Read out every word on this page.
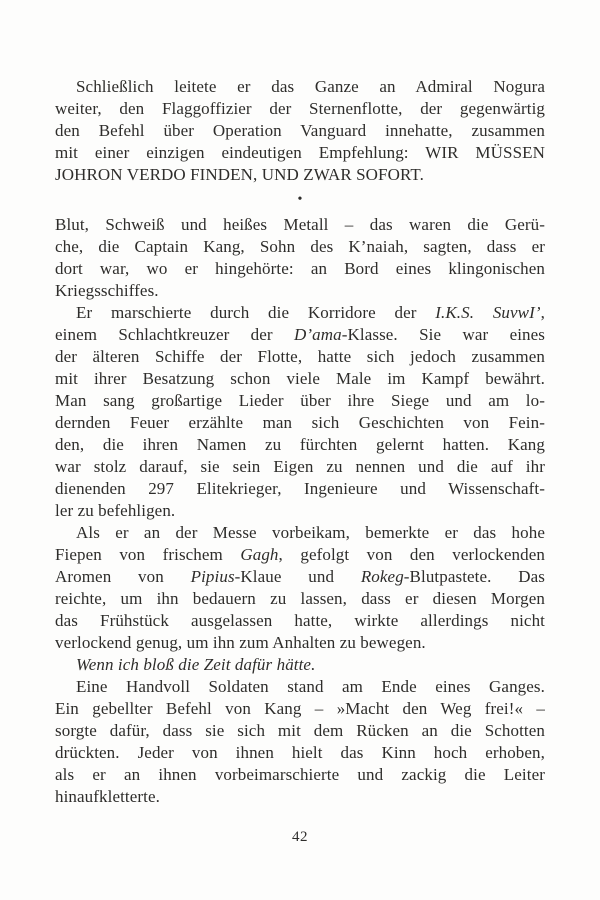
Schließlich leitete er das Ganze an Admiral Nogura
weiter, den Flaggoffizier der Sternenflotte, der gegenwärtig
den Befehl über Operation Vanguard innehatte, zusammen
mit einer einzigen eindeutigen Empfehlung: WIR MÜSSEN
JOHRON VERDO FINDEN, UND ZWAR SOFORT.

•

Blut, Schweiß und heißes Metall – das waren die Gerü-
che, die Captain Kang, Sohn des K’naiah, sagten, dass er
dort war, wo er hingehörte: an Bord eines klingonischen
Kriegsschiffes.

Er marschierte durch die Korridore der I.K.S. SuvwI’,
einem Schlachtkreuzer der D’ama-Klasse. Sie war eines
der älteren Schiffe der Flotte, hatte sich jedoch zusammen
mit ihrer Besatzung schon viele Male im Kampf bewährt.
Man sang großartige Lieder über ihre Siege und am lo-
dernden Feuer erzählte man sich Geschichten von Fein-
den, die ihren Namen zu fürchten gelernt hatten. Kang
war stolz darauf, sie sein Eigen zu nennen und die auf ihr
dienenden 297 Elitekrieger, Ingenieure und Wissenschaft-
ler zu befehligen.

Als er an der Messe vorbeikam, bemerkte er das hohe
Fiepen von frischem Gagh, gefolgt von den verlockenden
Aromen von Pipius-Klaue und Rokeg-Blutpastete. Das
reichte, um ihn bedauern zu lassen, dass er diesen Morgen
das Frühstück ausgelassen hatte, wirkte allerdings nicht
verlockend genug, um ihn zum Anhalten zu bewegen.

Wenn ich bloß die Zeit dafür hätte.

Eine Handvoll Soldaten stand am Ende eines Ganges.
Ein gebellter Befehl von Kang – »Macht den Weg frei!« –
sorgte dafür, dass sie sich mit dem Rücken an die Schotten
drückten. Jeder von ihnen hielt das Kinn hoch erhoben,
als er an ihnen vorbeimarschierte und zackig die Leiter
hinaufkletterte.

42
